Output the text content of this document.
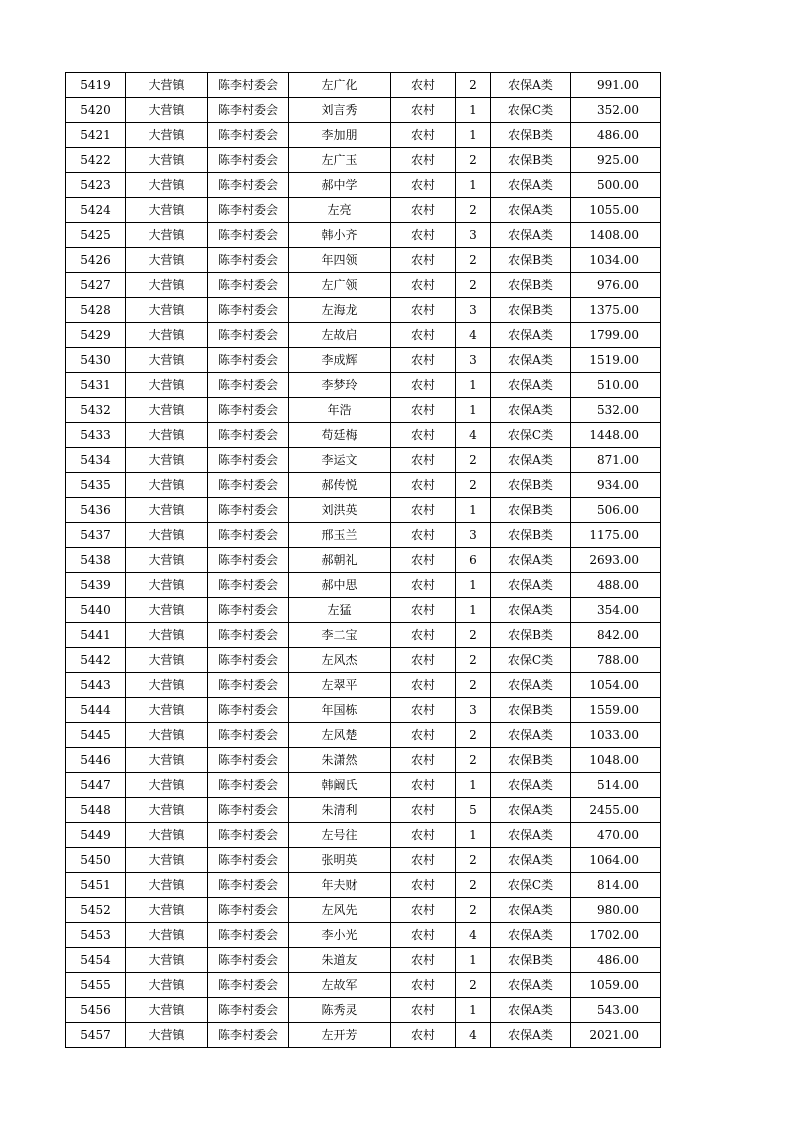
5419	大营镇	陈李村委会	左广化	农村	2	农保A类	991.00
5420	大营镇	陈李村委会	刘言秀	农村	1	农保C类	352.00
5421	大营镇	陈李村委会	李加朋	农村	1	农保B类	486.00
5422	大营镇	陈李村委会	左广玉	农村	2	农保B类	925.00
5423	大营镇	陈李村委会	郝中学	农村	1	农保A类	500.00
5424	大营镇	陈李村委会	左亮	农村	2	农保A类	1055.00
5425	大营镇	陈李村委会	韩小齐	农村	3	农保A类	1408.00
5426	大营镇	陈李村委会	年四领	农村	2	农保B类	1034.00
5427	大营镇	陈李村委会	左广领	农村	2	农保B类	976.00
5428	大营镇	陈李村委会	左海龙	农村	3	农保B类	1375.00
5429	大营镇	陈李村委会	左故启	农村	4	农保A类	1799.00
5430	大营镇	陈李村委会	李成辉	农村	3	农保A类	1519.00
5431	大营镇	陈李村委会	李梦玲	农村	1	农保A类	510.00
5432	大营镇	陈李村委会	年浩	农村	1	农保A类	532.00
5433	大营镇	陈李村委会	苟廷梅	农村	4	农保C类	1448.00
5434	大营镇	陈李村委会	李运文	农村	2	农保A类	871.00
5435	大营镇	陈李村委会	郝传悦	农村	2	农保B类	934.00
5436	大营镇	陈李村委会	刘洪英	农村	1	农保B类	506.00
5437	大营镇	陈李村委会	邢玉兰	农村	3	农保B类	1175.00
5438	大营镇	陈李村委会	郝朝礼	农村	6	农保A类	2693.00
5439	大营镇	陈李村委会	郝中思	农村	1	农保A类	488.00
5440	大营镇	陈李村委会	左猛	农村	1	农保A类	354.00
5441	大营镇	陈李村委会	李二宝	农村	2	农保B类	842.00
5442	大营镇	陈李村委会	左风杰	农村	2	农保C类	788.00
5443	大营镇	陈李村委会	左翠平	农村	2	农保A类	1054.00
5444	大营镇	陈李村委会	年国栋	农村	3	农保B类	1559.00
5445	大营镇	陈李村委会	左风楚	农村	2	农保A类	1033.00
5446	大营镇	陈李村委会	朱潇然	农村	2	农保B类	1048.00
5447	大营镇	陈李村委会	韩阚氏	农村	1	农保A类	514.00
5448	大营镇	陈李村委会	朱清利	农村	5	农保A类	2455.00
5449	大营镇	陈李村委会	左号往	农村	1	农保A类	470.00
5450	大营镇	陈李村委会	张明英	农村	2	农保A类	1064.00
5451	大营镇	陈李村委会	年夫财	农村	2	农保C类	814.00
5452	大营镇	陈李村委会	左风先	农村	2	农保A类	980.00
5453	大营镇	陈李村委会	李小光	农村	4	农保A类	1702.00
5454	大营镇	陈李村委会	朱道友	农村	1	农保B类	486.00
5455	大营镇	陈李村委会	左故军	农村	2	农保A类	1059.00
5456	大营镇	陈李村委会	陈秀灵	农村	1	农保A类	543.00
5457	大营镇	陈李村委会	左开芳	农村	4	农保A类	2021.00
